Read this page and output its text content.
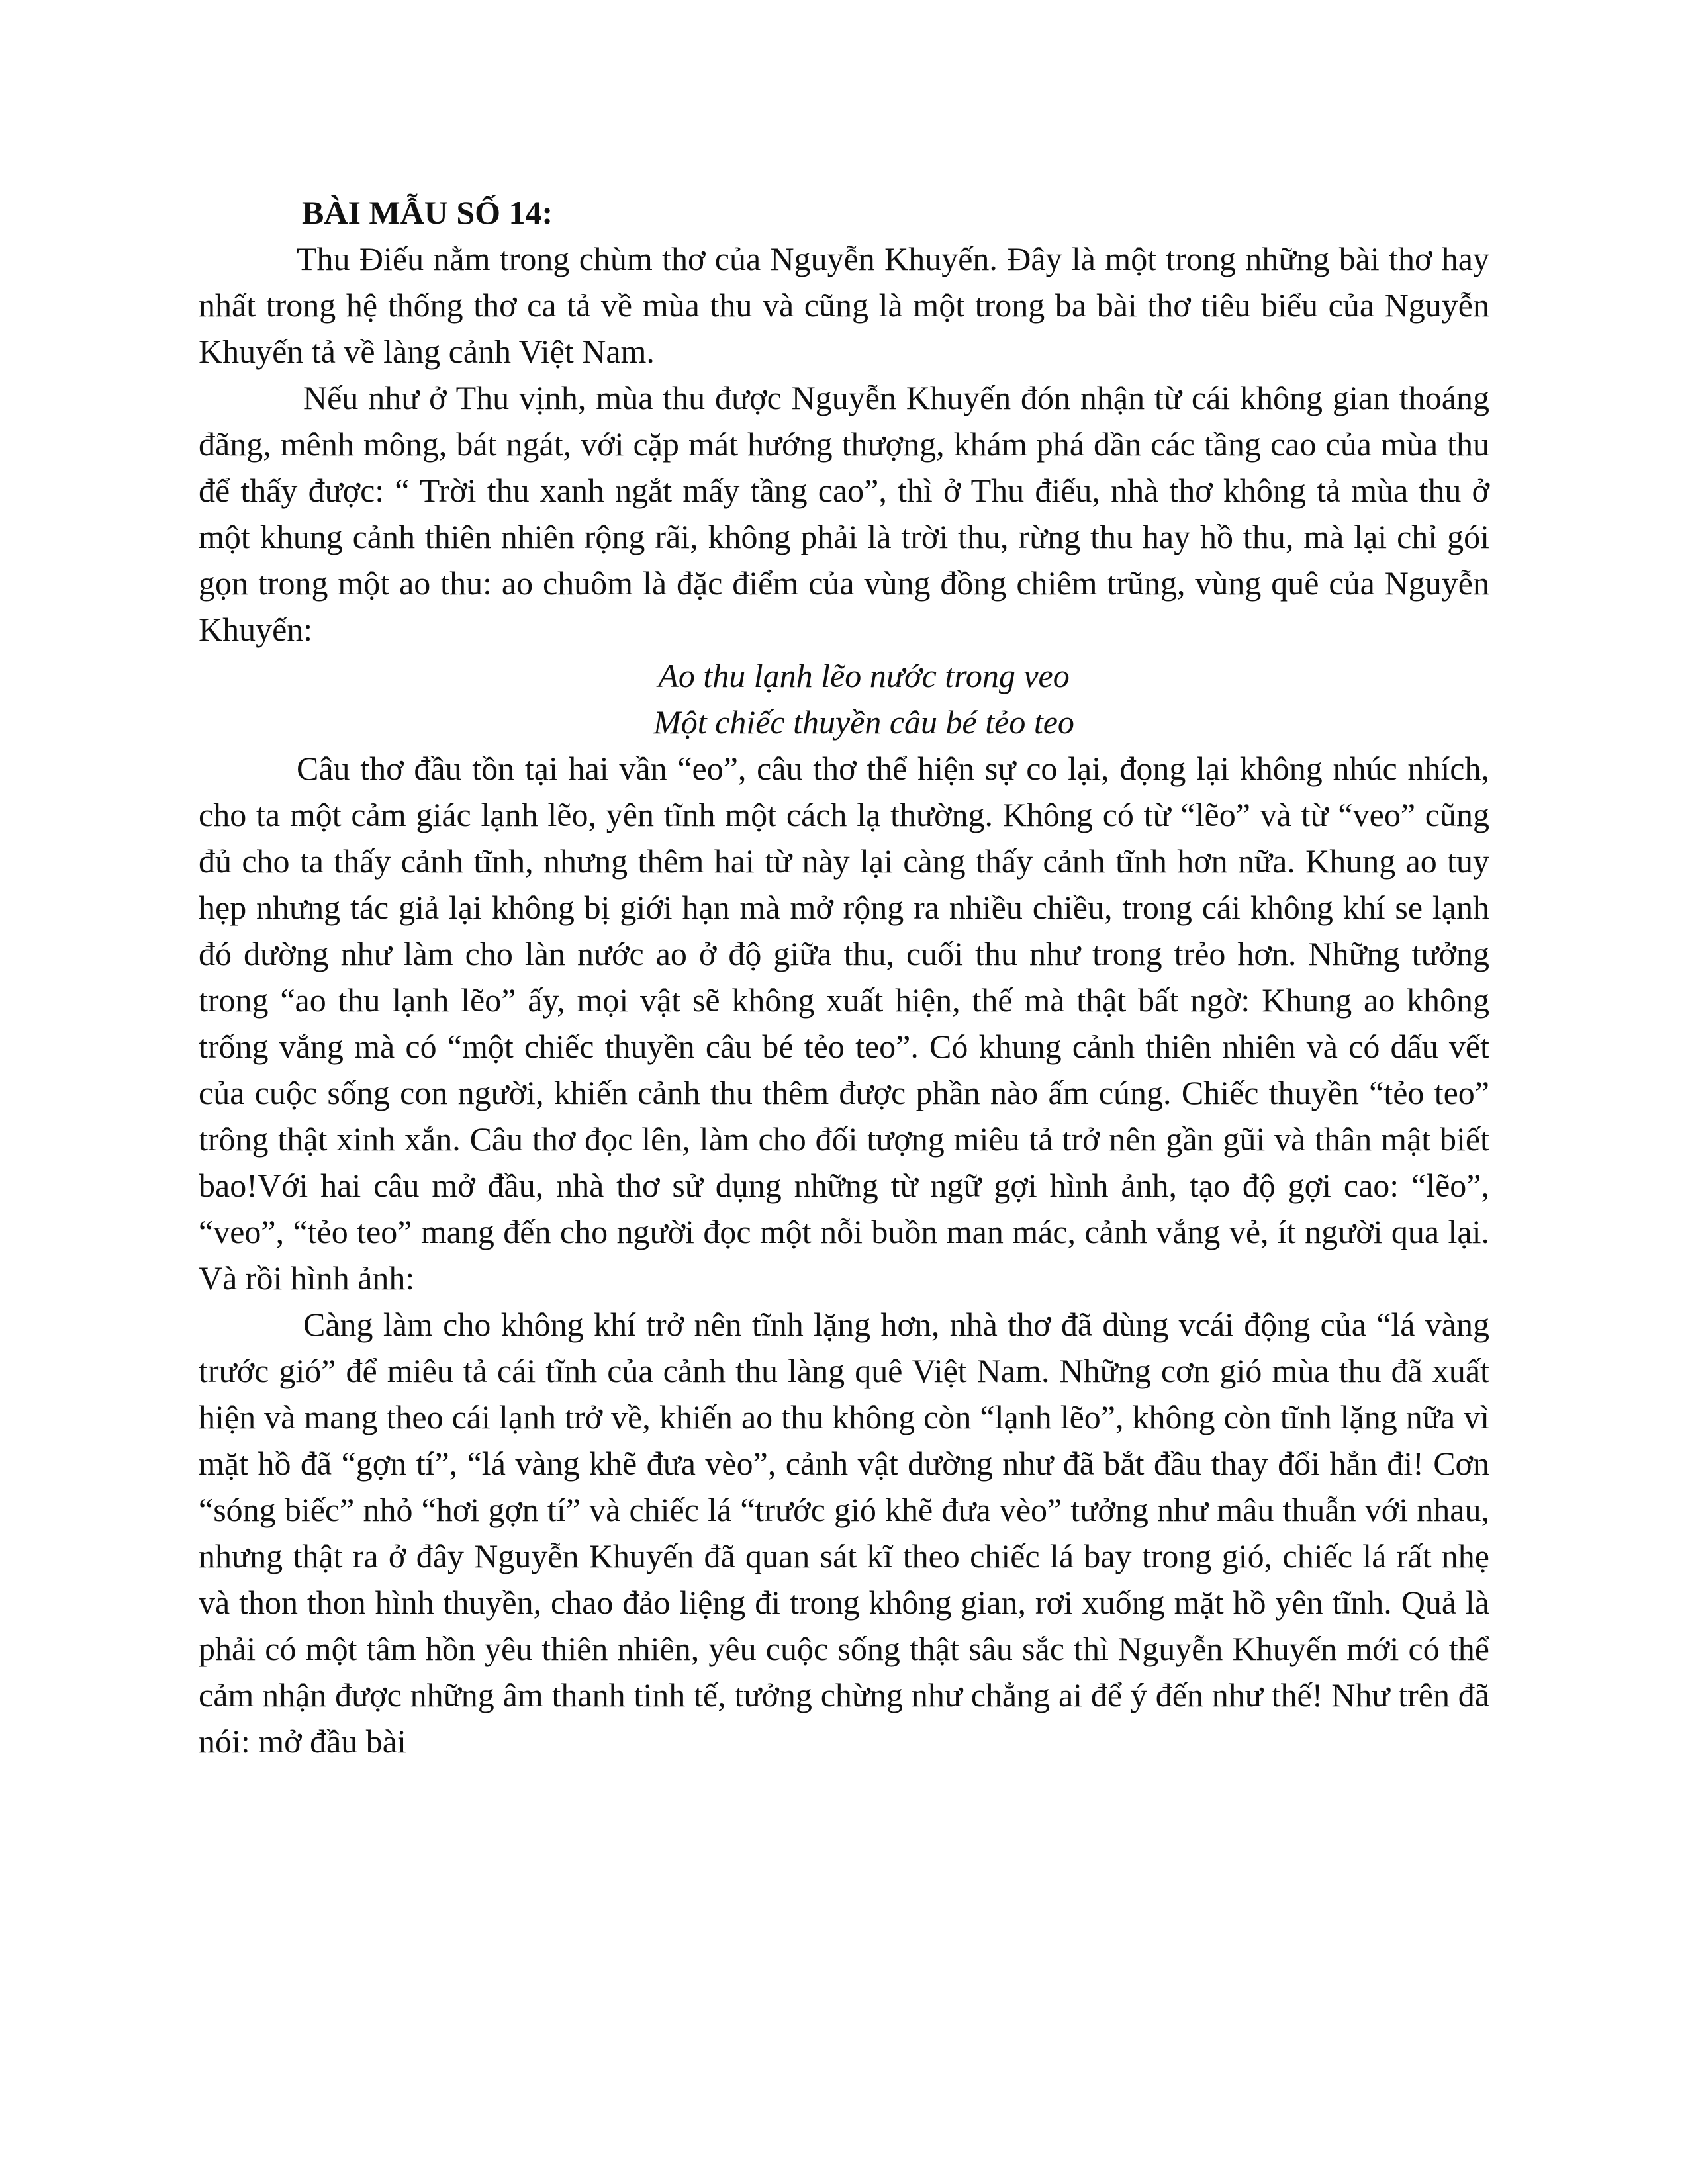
BÀI MẪU SỐ 14:

Thu Điếu nằm trong chùm thơ của Nguyễn Khuyến. Đây là một trong những bài thơ hay nhất trong hệ thống thơ ca tả về mùa thu và cũng là một trong ba bài thơ tiêu biểu của Nguyễn Khuyến tả về làng cảnh Việt Nam.

Nếu như ở Thu vịnh, mùa thu được Nguyễn Khuyến đón nhận từ cái không gian thoáng đãng, mênh mông, bát ngát, với cặp mát hướng thượng, khám phá dần các tầng cao của mùa thu để thấy được: “ Trời thu xanh ngắt mấy tầng cao”, thì ở Thu điếu, nhà thơ không tả mùa thu ở một khung cảnh thiên nhiên rộng rãi, không phải là trời thu, rừng thu hay hồ thu, mà lại chỉ gói gọn trong một ao thu: ao chuôm là đặc điểm của vùng đồng chiêm trũng, vùng quê của Nguyễn Khuyến:

Ao thu lạnh lẽo nước trong veo
Một chiếc thuyền câu bé tẻo teo

Câu thơ đầu tồn tại hai vần “eo”, câu thơ thể hiện sự co lại, đọng lại không nhúc nhích, cho ta một cảm giác lạnh lẽo, yên tĩnh một cách lạ thường. Không có từ “lẽo” và từ “veo” cũng đủ cho ta thấy cảnh tĩnh, nhưng thêm hai từ này lại càng thấy cảnh tĩnh hơn nữa. Khung ao tuy hẹp nhưng tác giả lại không bị giới hạn mà mở rộng ra nhiều chiều, trong cái không khí se lạnh đó dường như làm cho làn nước ao ở độ giữa thu, cuối thu như trong trẻo hơn. Những tưởng trong “ao thu lạnh lẽo” ấy, mọi vật sẽ không xuất hiện, thế mà thật bất ngờ: Khung ao không trống vắng mà có “một chiếc thuyền câu bé tẻo teo”. Có khung cảnh thiên nhiên và có dấu vết của cuộc sống con người, khiến cảnh thu thêm được phần nào ấm cúng. Chiếc thuyền “tẻo teo” trông thật xinh xắn. Câu thơ đọc lên, làm cho đối tượng miêu tả trở nên gần gũi và thân mật biết bao!Với hai câu mở đầu, nhà thơ sử dụng những từ ngữ gợi hình ảnh, tạo độ gợi cao: “lẽo”, “veo”, “tẻo teo” mang đến cho người đọc một nỗi buồn man mác, cảnh vắng vẻ, ít người qua lại. Và rồi hình ảnh:

Càng làm cho không khí trở nên tĩnh lặng hơn, nhà thơ đã dùng vcái động của “lá vàng trước gió” để miêu tả cái tĩnh của cảnh thu làng quê Việt Nam. Những cơn gió mùa thu đã xuất hiện và mang theo cái lạnh trở về, khiến ao thu không còn “lạnh lẽo”, không còn tĩnh lặng nữa vì mặt hồ đã “gợn tí”, “lá vàng khẽ đưa vèo”, cảnh vật dường như đã bắt đầu thay đổi hẳn đi! Cơn “sóng biếc” nhỏ “hơi gợn tí” và chiếc lá “trước gió khẽ đưa vèo” tưởng như mâu thuẫn với nhau, nhưng thật ra ở đây Nguyễn Khuyến đã quan sát kĩ theo chiếc lá bay trong gió, chiếc lá rất nhẹ và thon thon hình thuyền, chao đảo liệng đi trong không gian, rơi xuống mặt hồ yên tĩnh. Quả là phải có một tâm hồn yêu thiên nhiên, yêu cuộc sống thật sâu sắc thì Nguyễn Khuyến mới có thể cảm nhận được những âm thanh tinh tế, tưởng chừng như chẳng ai để ý đến như thế! Như trên đã nói: mở đầu bài
